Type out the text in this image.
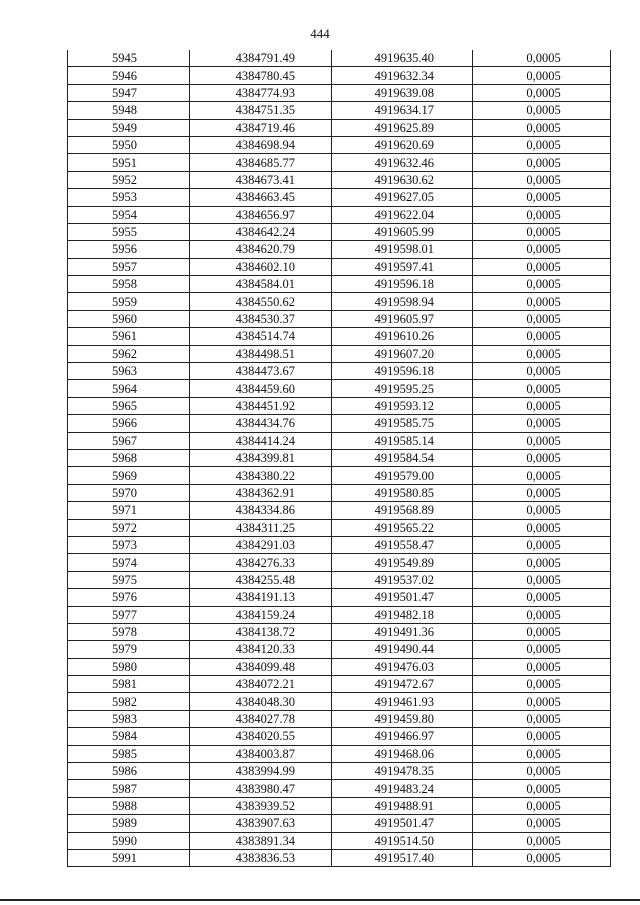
444
5945	4384791.49	4919635.40	0,0005
5946	4384780.45	4919632.34	0,0005
5947	4384774.93	4919639.08	0,0005
5948	4384751.35	4919634.17	0,0005
5949	4384719.46	4919625.89	0,0005
5950	4384698.94	4919620.69	0,0005
5951	4384685.77	4919632.46	0,0005
5952	4384673.41	4919630.62	0,0005
5953	4384663.45	4919627.05	0,0005
5954	4384656.97	4919622.04	0,0005
5955	4384642.24	4919605.99	0,0005
5956	4384620.79	4919598.01	0,0005
5957	4384602.10	4919597.41	0,0005
5958	4384584.01	4919596.18	0,0005
5959	4384550.62	4919598.94	0,0005
5960	4384530.37	4919605.97	0,0005
5961	4384514.74	4919610.26	0,0005
5962	4384498.51	4919607.20	0,0005
5963	4384473.67	4919596.18	0,0005
5964	4384459.60	4919595.25	0,0005
5965	4384451.92	4919593.12	0,0005
5966	4384434.76	4919585.75	0,0005
5967	4384414.24	4919585.14	0,0005
5968	4384399.81	4919584.54	0,0005
5969	4384380.22	4919579.00	0,0005
5970	4384362.91	4919580.85	0,0005
5971	4384334.86	4919568.89	0,0005
5972	4384311.25	4919565.22	0,0005
5973	4384291.03	4919558.47	0,0005
5974	4384276.33	4919549.89	0,0005
5975	4384255.48	4919537.02	0,0005
5976	4384191.13	4919501.47	0,0005
5977	4384159.24	4919482.18	0,0005
5978	4384138.72	4919491.36	0,0005
5979	4384120.33	4919490.44	0,0005
5980	4384099.48	4919476.03	0,0005
5981	4384072.21	4919472.67	0,0005
5982	4384048.30	4919461.93	0,0005
5983	4384027.78	4919459.80	0,0005
5984	4384020.55	4919466.97	0,0005
5985	4384003.87	4919468.06	0,0005
5986	4383994.99	4919478.35	0,0005
5987	4383980.47	4919483.24	0,0005
5988	4383939.52	4919488.91	0,0005
5989	4383907.63	4919501.47	0,0005
5990	4383891.34	4919514.50	0,0005
5991	4383836.53	4919517.40	0,0005
